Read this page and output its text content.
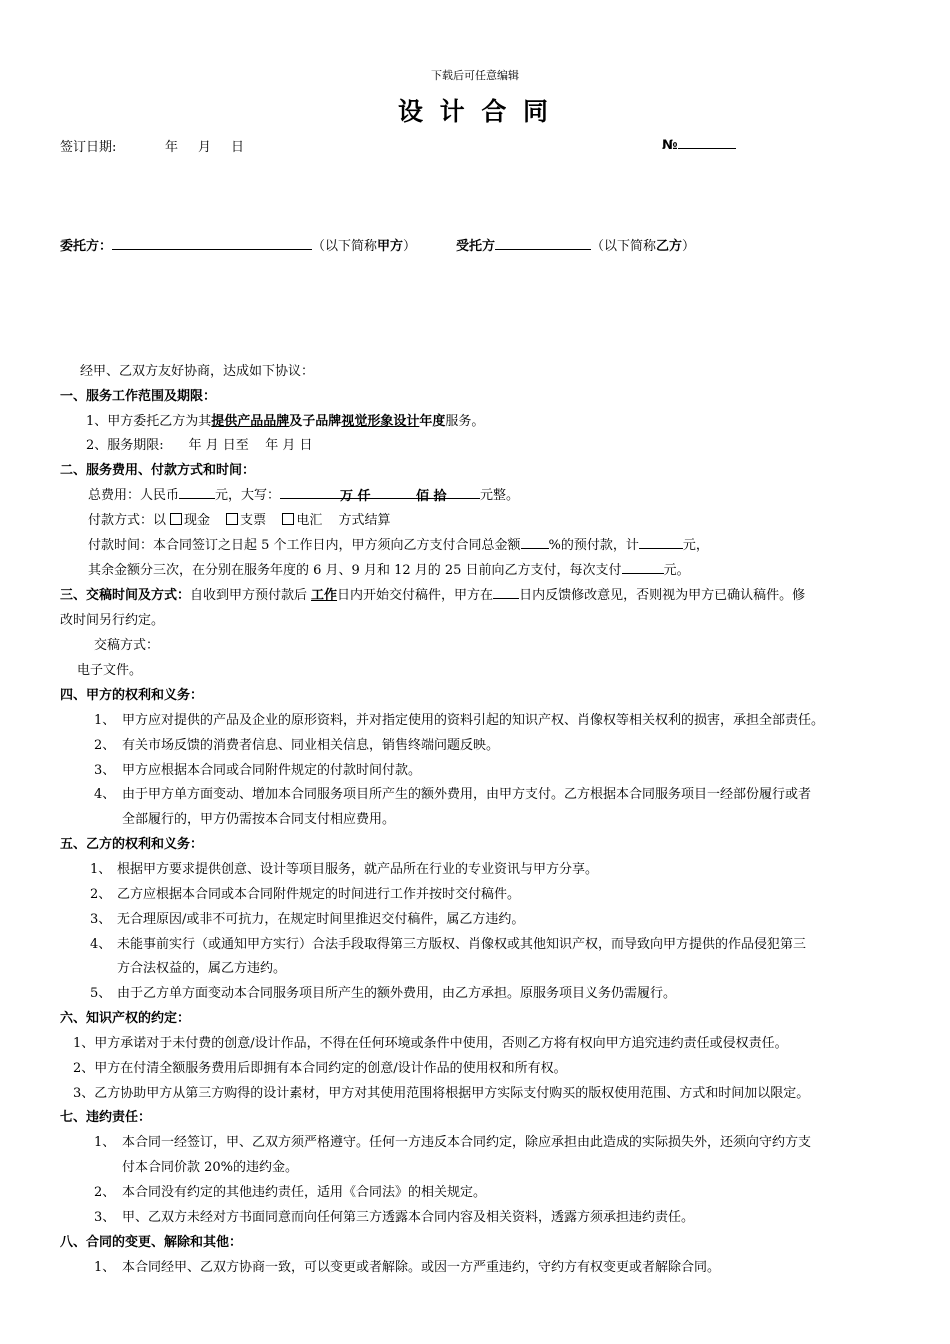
下载后可任意编辑
设 计 合 同
签订日期:	年 月 日	№
委托方：	（以下简称甲方）	受托方	（以下简称乙方）
经甲、乙双方友好协商，达成如下协议：
一、服务工作范围及期限：
1、甲方委托乙方为其提供产品品牌及子品牌视觉形象设计年度服务。
2、服务期限:      年 月 日至    年 月 日
二、服务费用、付款方式和时间：
总费用：人民币	元，大写：	万 仟	佰 拾	元整。
付款方式：以 现金 支票 电汇 方式结算
付款时间：本合同签订之日起 5 个工作日内，甲方须向乙方支付合同总金额 %的预付款，计	元，
其余金额分三次，在分别在服务年度的 6 月、9 月和 12 月的 25 日前向乙方支付，每次支付	元。
三、交稿时间及方式：自收到甲方预付款后 工作日内开始交付稿件，甲方在 日内反馈修改意见，否则视为甲方已确认稿件。修
改时间另行约定。
交稿方式：
电子文件。
四、甲方的权利和义务：
1、 甲方应对提供的产品及企业的原形资料，并对指定使用的资料引起的知识产权、肖像权等相关权利的损害，承担全部责任。
2、 有关市场反馈的消费者信息、同业相关信息，销售终端问题反映。
3、 甲方应根据本合同或合同附件规定的付款时间付款。
4、 由于甲方单方面变动、增加本合同服务项目所产生的额外费用，由甲方支付。乙方根据本合同服务项目一经部份履行或者
全部履行的，甲方仍需按本合同支付相应费用。
五、乙方的权利和义务：
1、 根据甲方要求提供创意、设计等项目服务，就产品所在行业的专业资讯与甲方分享。
2、 乙方应根据本合同或本合同附件规定的时间进行工作并按时交付稿件。
3、 无合理原因/或非不可抗力，在规定时间里推迟交付稿件，属乙方违约。
4、 未能事前实行（或通知甲方实行）合法手段取得第三方版权、肖像权或其他知识产权，而导致向甲方提供的作品侵犯第三
方合法权益的，属乙方违约。
5、 由于乙方单方面变动本合同服务项目所产生的额外费用，由乙方承担。原服务项目义务仍需履行。
六、知识产权的约定：
1、甲方承诺对于未付费的创意/设计作品，不得在任何环境或条件中使用，否则乙方将有权向甲方追究违约责任或侵权责任。
2、甲方在付清全额服务费用后即拥有本合同约定的创意/设计作品的使用权和所有权。
3、乙方协助甲方从第三方购得的设计素材，甲方对其使用范围将根据甲方实际支付购买的版权使用范围、方式和时间加以限定。
七、违约责任：
1、 本合同一经签订，甲、乙双方须严格遵守。任何一方违反本合同约定，除应承担由此造成的实际损失外，还须向守约方支
付本合同价款 20%的违约金。
2、 本合同没有约定的其他违约责任，适用《合同法》的相关规定。
3、 甲、乙双方未经对方书面同意而向任何第三方透露本合同内容及相关资料，透露方须承担违约责任。
八、合同的变更、解除和其他：
1、 本合同经甲、乙双方协商一致，可以变更或者解除。或因一方严重违约，守约方有权变更或者解除合同。
